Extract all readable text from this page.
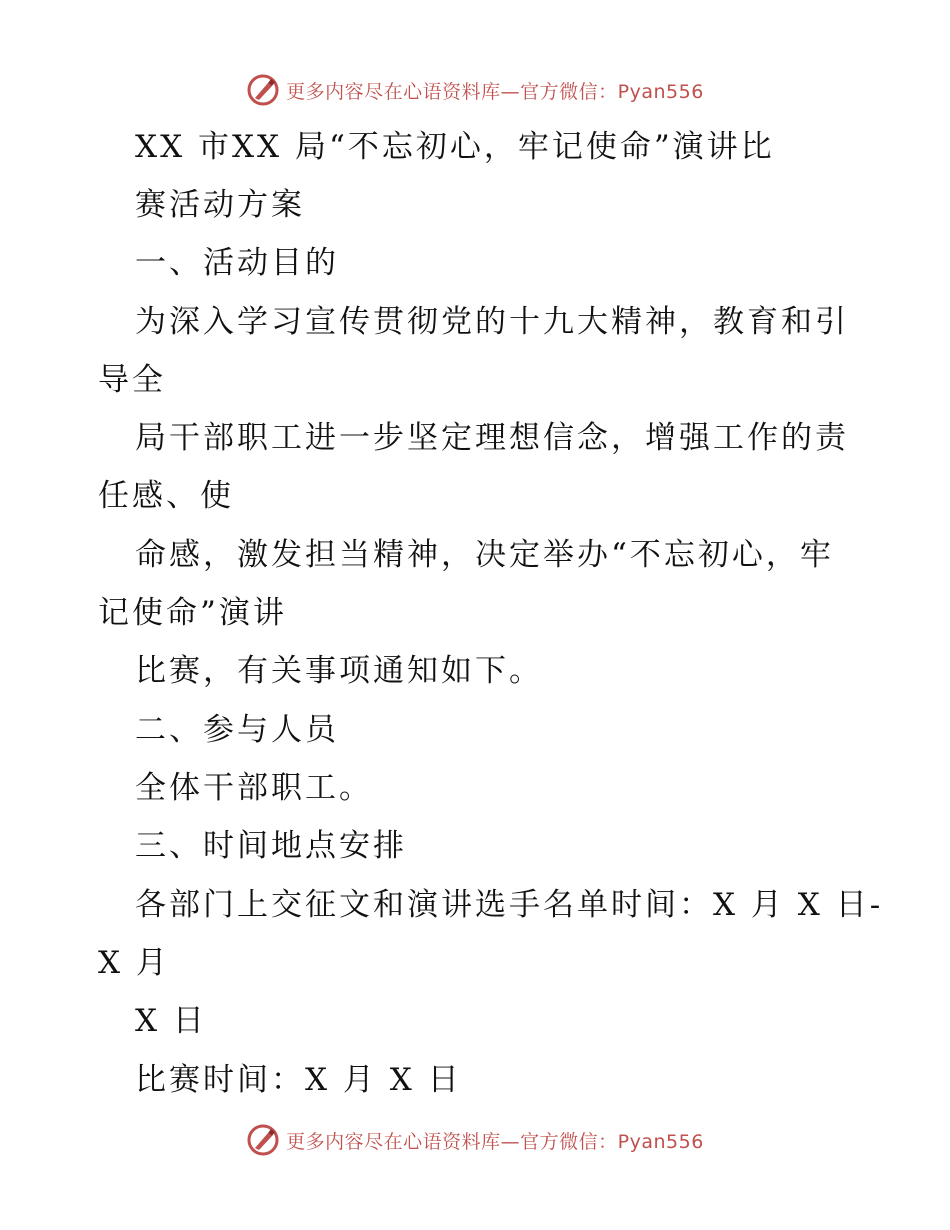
更多内容尽在心语资料库—官方微信：Pyan556
XX 市XX 局“不忘初心，牢记使命”演讲比
赛活动方案
一、活动目的
为深入学习宣传贯彻党的十九大精神，教育和引
导全
局干部职工进一步坚定理想信念，增强工作的责
任感、使
命感，激发担当精神，决定举办“不忘初心，牢
记使命”演讲
比赛，有关事项通知如下。
二、参与人员
全体干部职工。
三、时间地点安排
各部门上交征文和演讲选手名单时间：X 月 X 日-
X 月
X 日
比赛时间：X 月 X 日
更多内容尽在心语资料库—官方微信：Pyan556
